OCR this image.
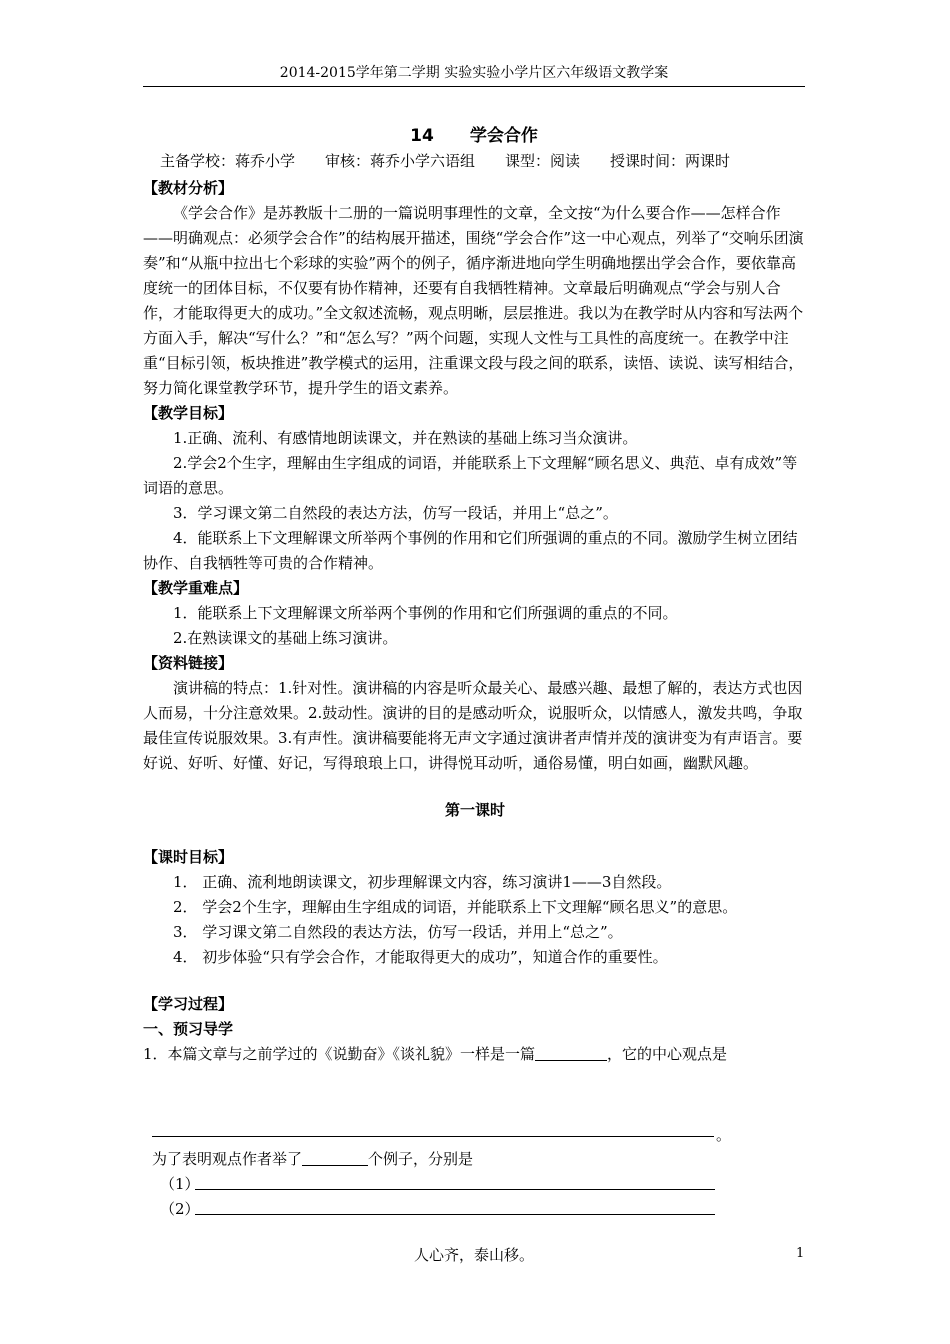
2014-2015学年第二学期 实验实验小学片区六年级语文教学案
14 学会合作
主备学校：蒋乔小学 审核：蒋乔小学六语组 课型：阅读 授课时间：两课时
【教材分析】

《学会合作》是苏教版十二册的一篇说明事理性的文章，全文按“为什么要合作——怎样合作——明确观点：必须学会合作”的结构展开描述，围绕“学会合作”这一中心观点，列举了“交响乐团演奏”和“从瓶中拉出七个彩球的实验”两个的例子，循序渐进地向学生明确地摆出学会合作，要依靠高度统一的团体目标，不仅要有协作精神，还要有自我牺牲精神。文章最后明确观点“学会与别人合作，才能取得更大的成功。”全文叙述流畅，观点明晰，层层推进。我以为在教学时从内容和写法两个方面入手，解决“写什么？”和“怎么写？”两个问题，实现人文性与工具性的高度统一。在教学中注重“目标引领，板块推进”教学模式的运用，注重课文段与段之间的联系，读悟、读说、读写相结合，努力简化课堂教学环节，提升学生的语文素养。

【教学目标】

1.正确、流利、有感情地朗读课文，并在熟读的基础上练习当众演讲。

2.学会2个生字，理解由生字组成的词语，并能联系上下文理解“顾名思义、典范、卓有成效”等词语的意思。

3．学习课文第二自然段的表达方法，仿写一段话，并用上“总之”。

4．能联系上下文理解课文所举两个事例的作用和它们所强调的重点的不同。激励学生树立团结协作、自我牺牲等可贵的合作精神。

【教学重难点】

1．能联系上下文理解课文所举两个事例的作用和它们所强调的重点的不同。

2.在熟读课文的基础上练习演讲。

【资料链接】

演讲稿的特点：1.针对性。演讲稿的内容是听众最关心、最感兴趣、最想了解的，表达方式也因人而易，十分注意效果。2.鼓动性。演讲的目的是感动听众，说服听众，以情感人，激发共鸣，争取最佳宣传说服效果。3.有声性。演讲稿要能将无声文字通过演讲者声情并茂的演讲变为有声语言。要好说、好听、好懂、好记，写得琅琅上口，讲得悦耳动听，通俗易懂，明白如画，幽默风趣。

第一课时

【课时目标】

1． 正确、流利地朗读课文，初步理解课文内容，练习演讲1——3自然段。

2． 学会2个生字，理解由生字组成的词语，并能联系上下文理解“顾名思义”的意思。

3． 学习课文第二自然段的表达方法，仿写一段话，并用上“总之”。

4． 初步体验“只有学会合作，才能取得更大的成功”，知道合作的重要性。

【学习过程】
一、预习导学

1．本篇文章与之前学过的《说勤奋》《谈礼貌》一样是一篇	，它的中心观点是

。
为了表明观点作者举了	个例子，分别是
（1）
（2）
人心齐，泰山移。	1
